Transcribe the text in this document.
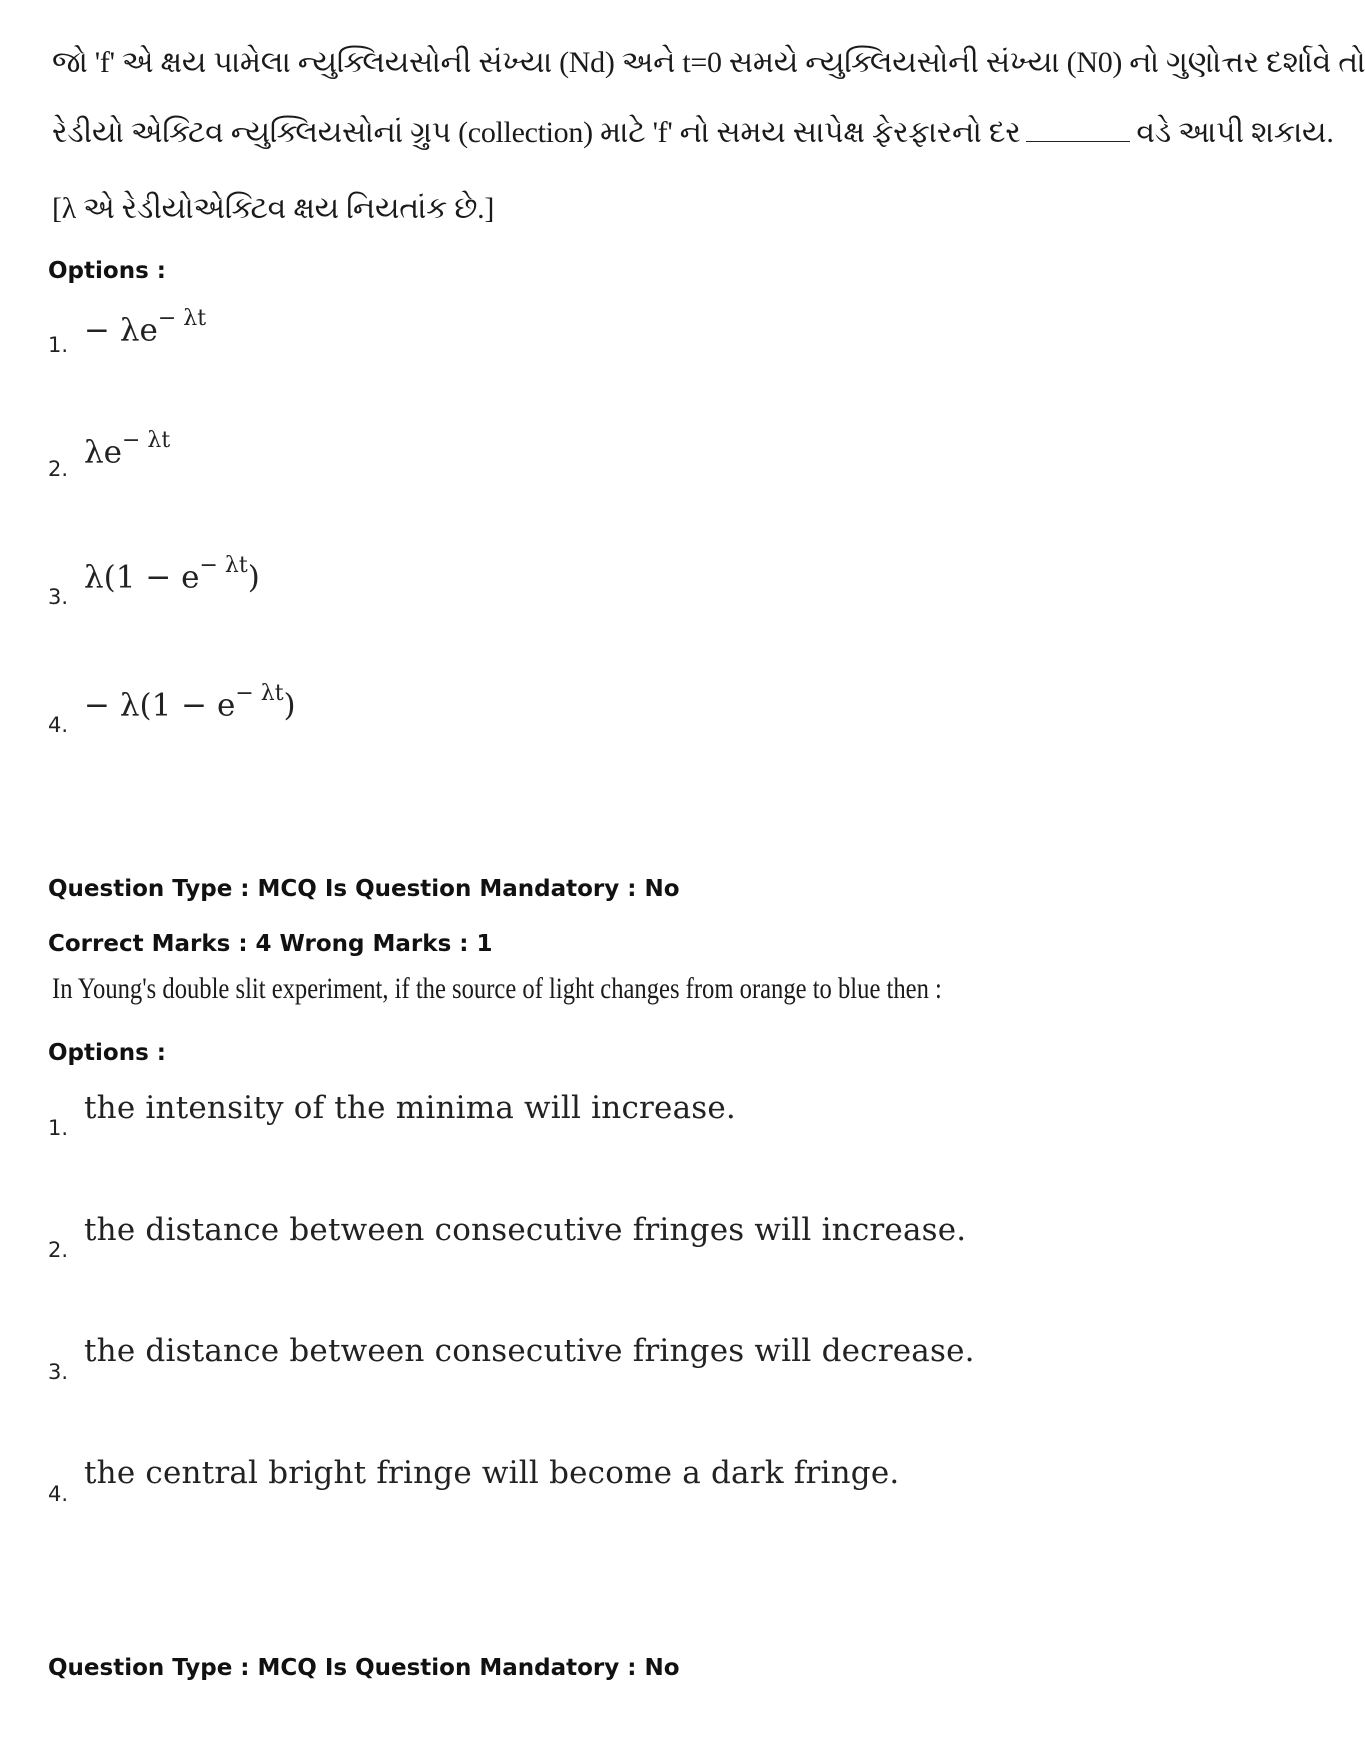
જો 'f' એ ક્ષય પામેલા ન્યુક્લિયસોની સંખ્યા (Nd) અને t=0 સમયે ન્યુક્લિયસોની સંખ્યા (N0) નો ગુણોત્તર દર્શાવે તો
રેડીયો એક્ટિવ ન્યુક્લિયસોનાં ગ્રુપ (collection) માટે 'f' નો સમય સાપેક્ષ ફેરફારનો દર	વડે આપી શકાય.
[λ એ રેડીયોએક્ટિવ ક્ષય નિયતાંક છે.]
Options :
1. − $\lambda e^{- \lambda t}$
2. $\lambda e^{- \lambda t}$
3.
$\lambda(1 - e^{- \lambda t})$
4.
− $\lambda(1 - e^{- \lambda t})$
Question Type : MCQ Is Question Mandatory : No
Correct Marks : 4 Wrong Marks : 1
In Young's double slit experiment, if the source of light changes from orange to blue then :
Options :
1.
the intensity of the minima will increase.
2.
the distance between consecutive fringes will increase.
3.
the distance between consecutive fringes will decrease.
4.
the central bright fringe will become a dark fringe.
Question Type : MCQ Is Question Mandatory : No
